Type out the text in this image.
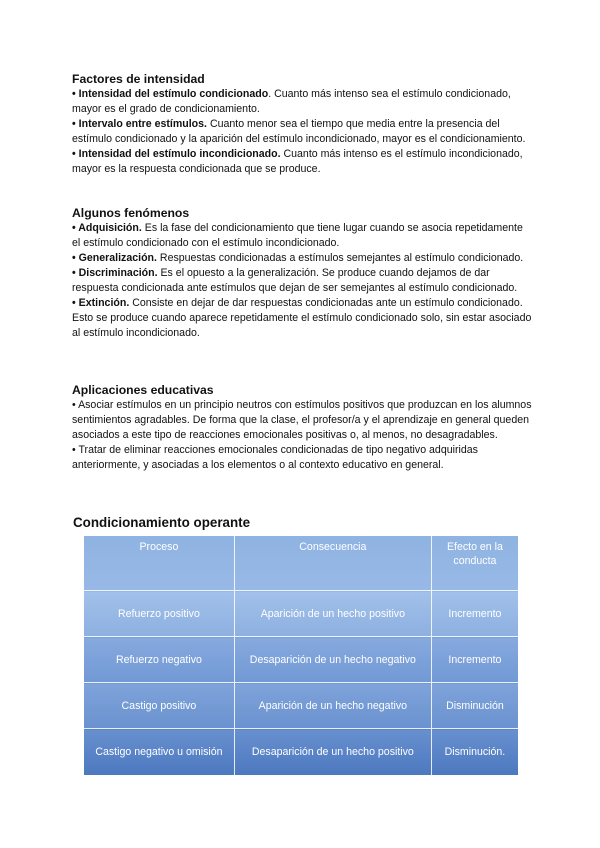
Factores de intensidad

• Intensidad del estímulo condicionado. Cuanto más intenso sea el estímulo condicionado, mayor es el grado de condicionamiento.

• Intervalo entre estímulos. Cuanto menor sea el tiempo que media entre la presencia del estímulo condicionado y la aparición del estímulo incondicionado, mayor es el condicionamiento.

• Intensidad del estímulo incondicionado. Cuanto más intenso es el estímulo incondicionado, mayor es la respuesta condicionada que se produce.

Algunos fenómenos

• Adquisición. Es la fase del condicionamiento que tiene lugar cuando se asocia repetidamente el estímulo condicionado con el estímulo incondicionado.

• Generalización. Respuestas condicionadas a estímulos semejantes al estímulo condicionado.

• Discriminación. Es el opuesto a la generalización. Se produce cuando dejamos de dar respuesta condicionada ante estímulos que dejan de ser semejantes al estímulo condicionado.

• Extinción. Consiste en dejar de dar respuestas condicionadas ante un estímulo condicionado. Esto se produce cuando aparece repetidamente el estímulo condicionado solo, sin estar asociado al estímulo incondicionado.

Aplicaciones educativas

• Asociar estímulos en un principio neutros con estímulos positivos que produzcan en los alumnos sentimientos agradables. De forma que la clase, el profesor/a y el aprendizaje en general queden asociados a este tipo de reacciones emocionales positivas o, al menos, no desagradables.

• Tratar de eliminar reacciones emocionales condicionadas de tipo negativo adquiridas anteriormente, y asociadas a los elementos o al contexto educativo en general.

Condicionamiento operante

Proceso	Consecuencia	Efecto en la conducta
Refuerzo positivo	Aparición de un hecho positivo	Incremento
Refuerzo negativo	Desaparición de un hecho negativo	Incremento
Castigo positivo	Aparición de un hecho negativo	Disminución
Castigo negativo u omisión	Desaparición de un hecho positivo	Disminución.
